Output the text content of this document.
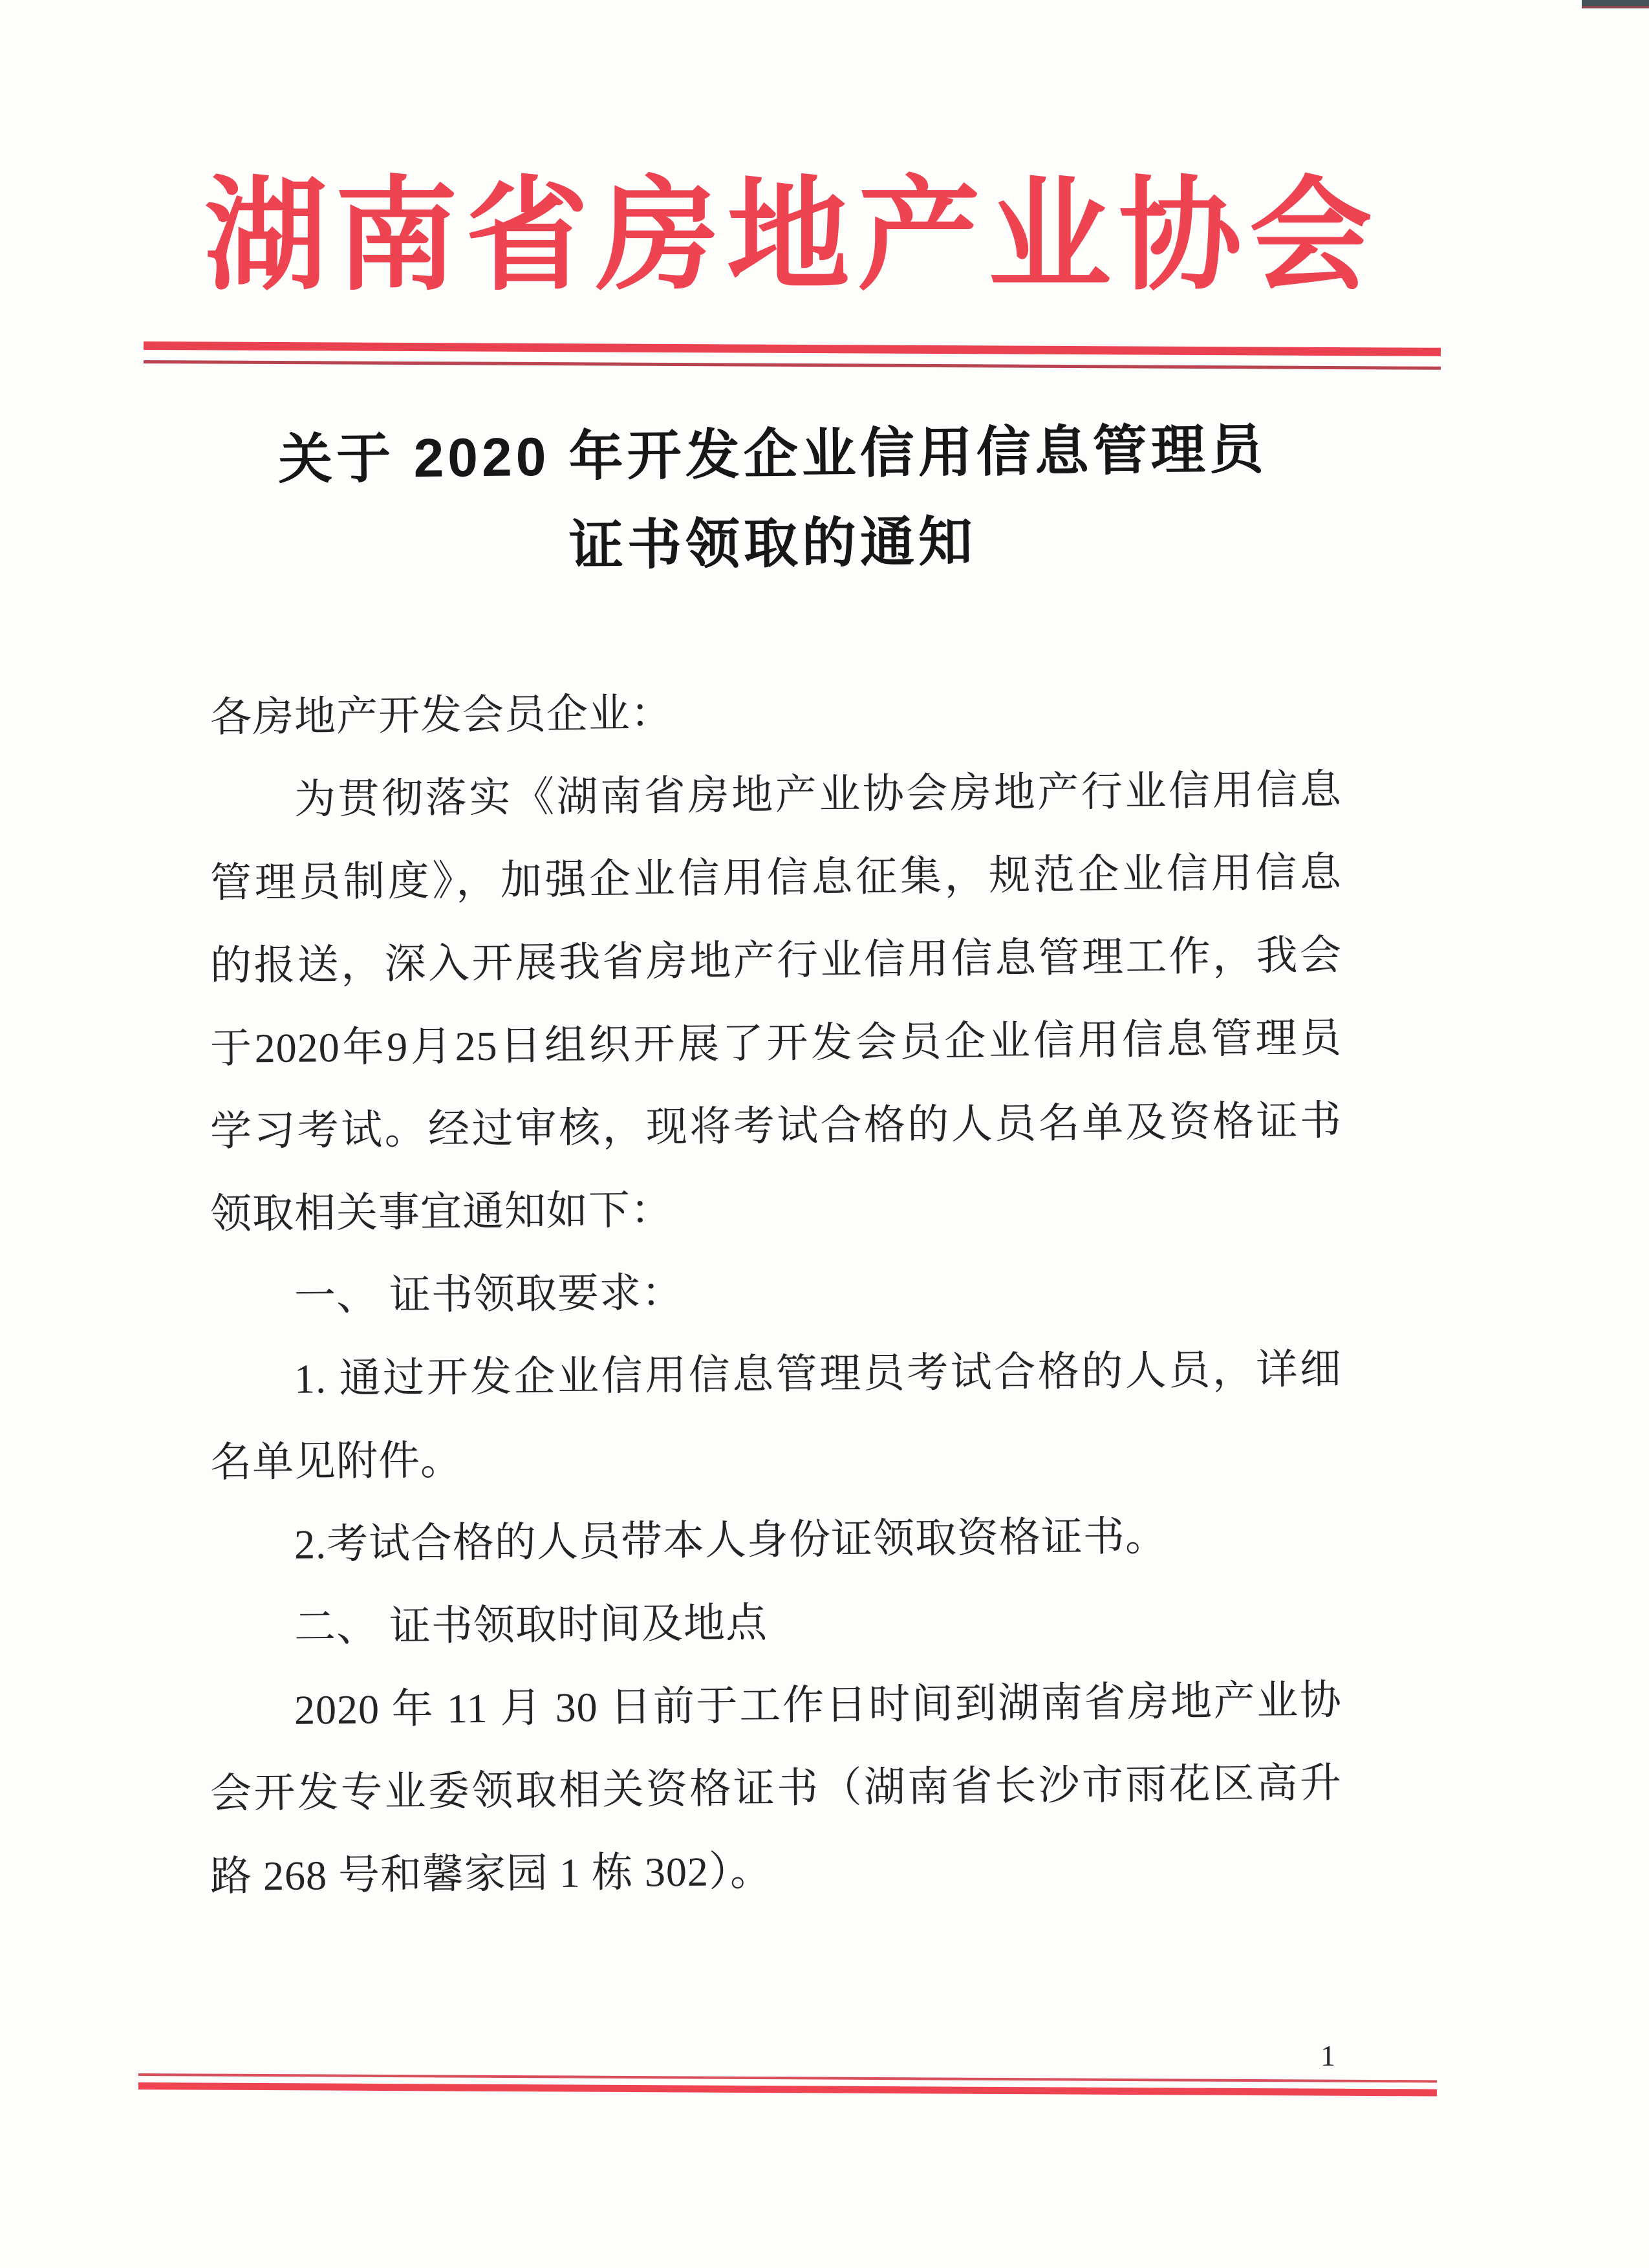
湖南省房地产业协会
关于 2020 年开发企业信用信息管理员
证书领取的通知

各房地产开发会员企业：

为贯彻落实《湖南省房地产业协会房地产行业信用信息

管理员制度》，加强企业信用信息征集，规范企业信用信息

的报送，深入开展我省房地产行业信用信息管理工作，我会

于2020年9月25日组织开展了开发会员企业信用信息管理员

学习考试。经过审核，现将考试合格的人员名单及资格证书

领取相关事宜通知如下：

一、 证书领取要求：

1. 通过开发企业信用信息管理员考试合格的人员，详细

名单见附件。

2.考试合格的人员带本人身份证领取资格证书。

二、 证书领取时间及地点

2020 年 11 月 30 日前于工作日时间到湖南省房地产业协

会开发专业委领取相关资格证书（湖南省长沙市雨花区高升

路 268 号和馨家园 1 栋 302）。

1
